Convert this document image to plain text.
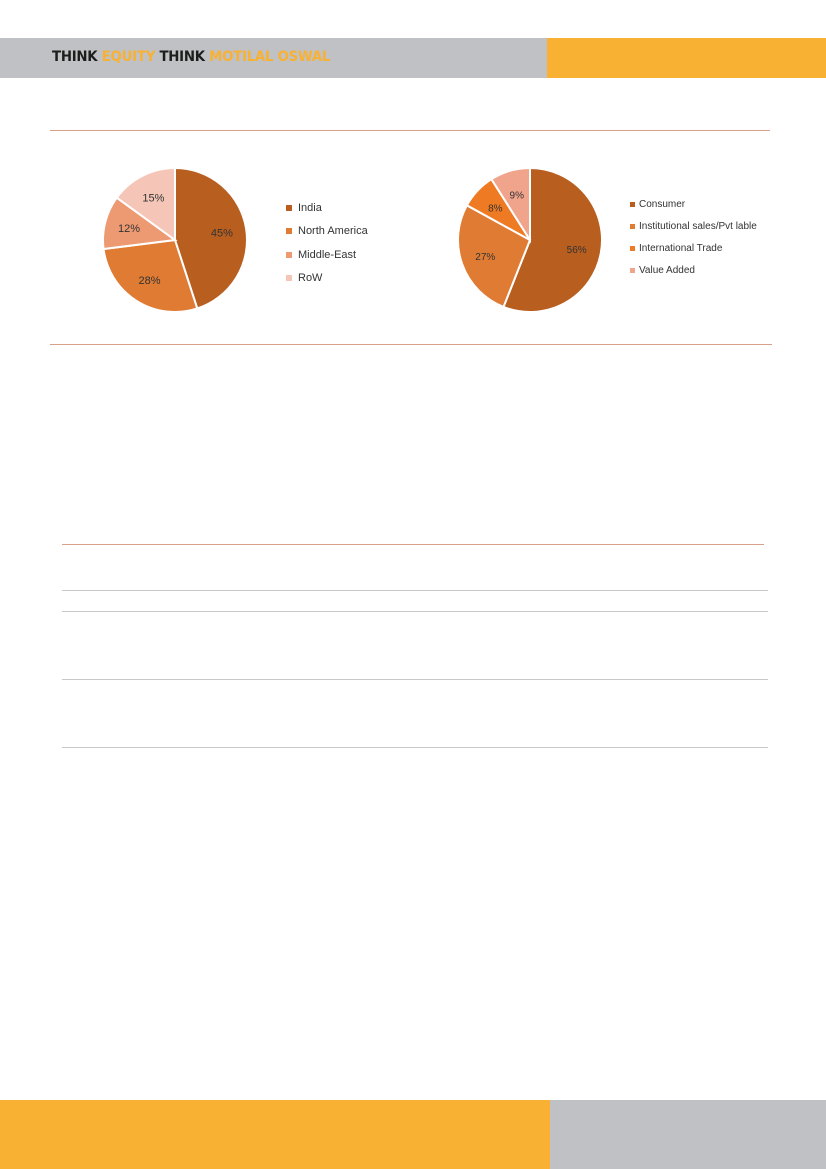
THINK EQUITY THINK MOTILAL OSWAL
45%
28%
12%
15%
India
North America
Middle-East
RoW
56%
27%
8%
9%
Consumer
Institutional sales/Pvt lable
International Trade
Value Added
